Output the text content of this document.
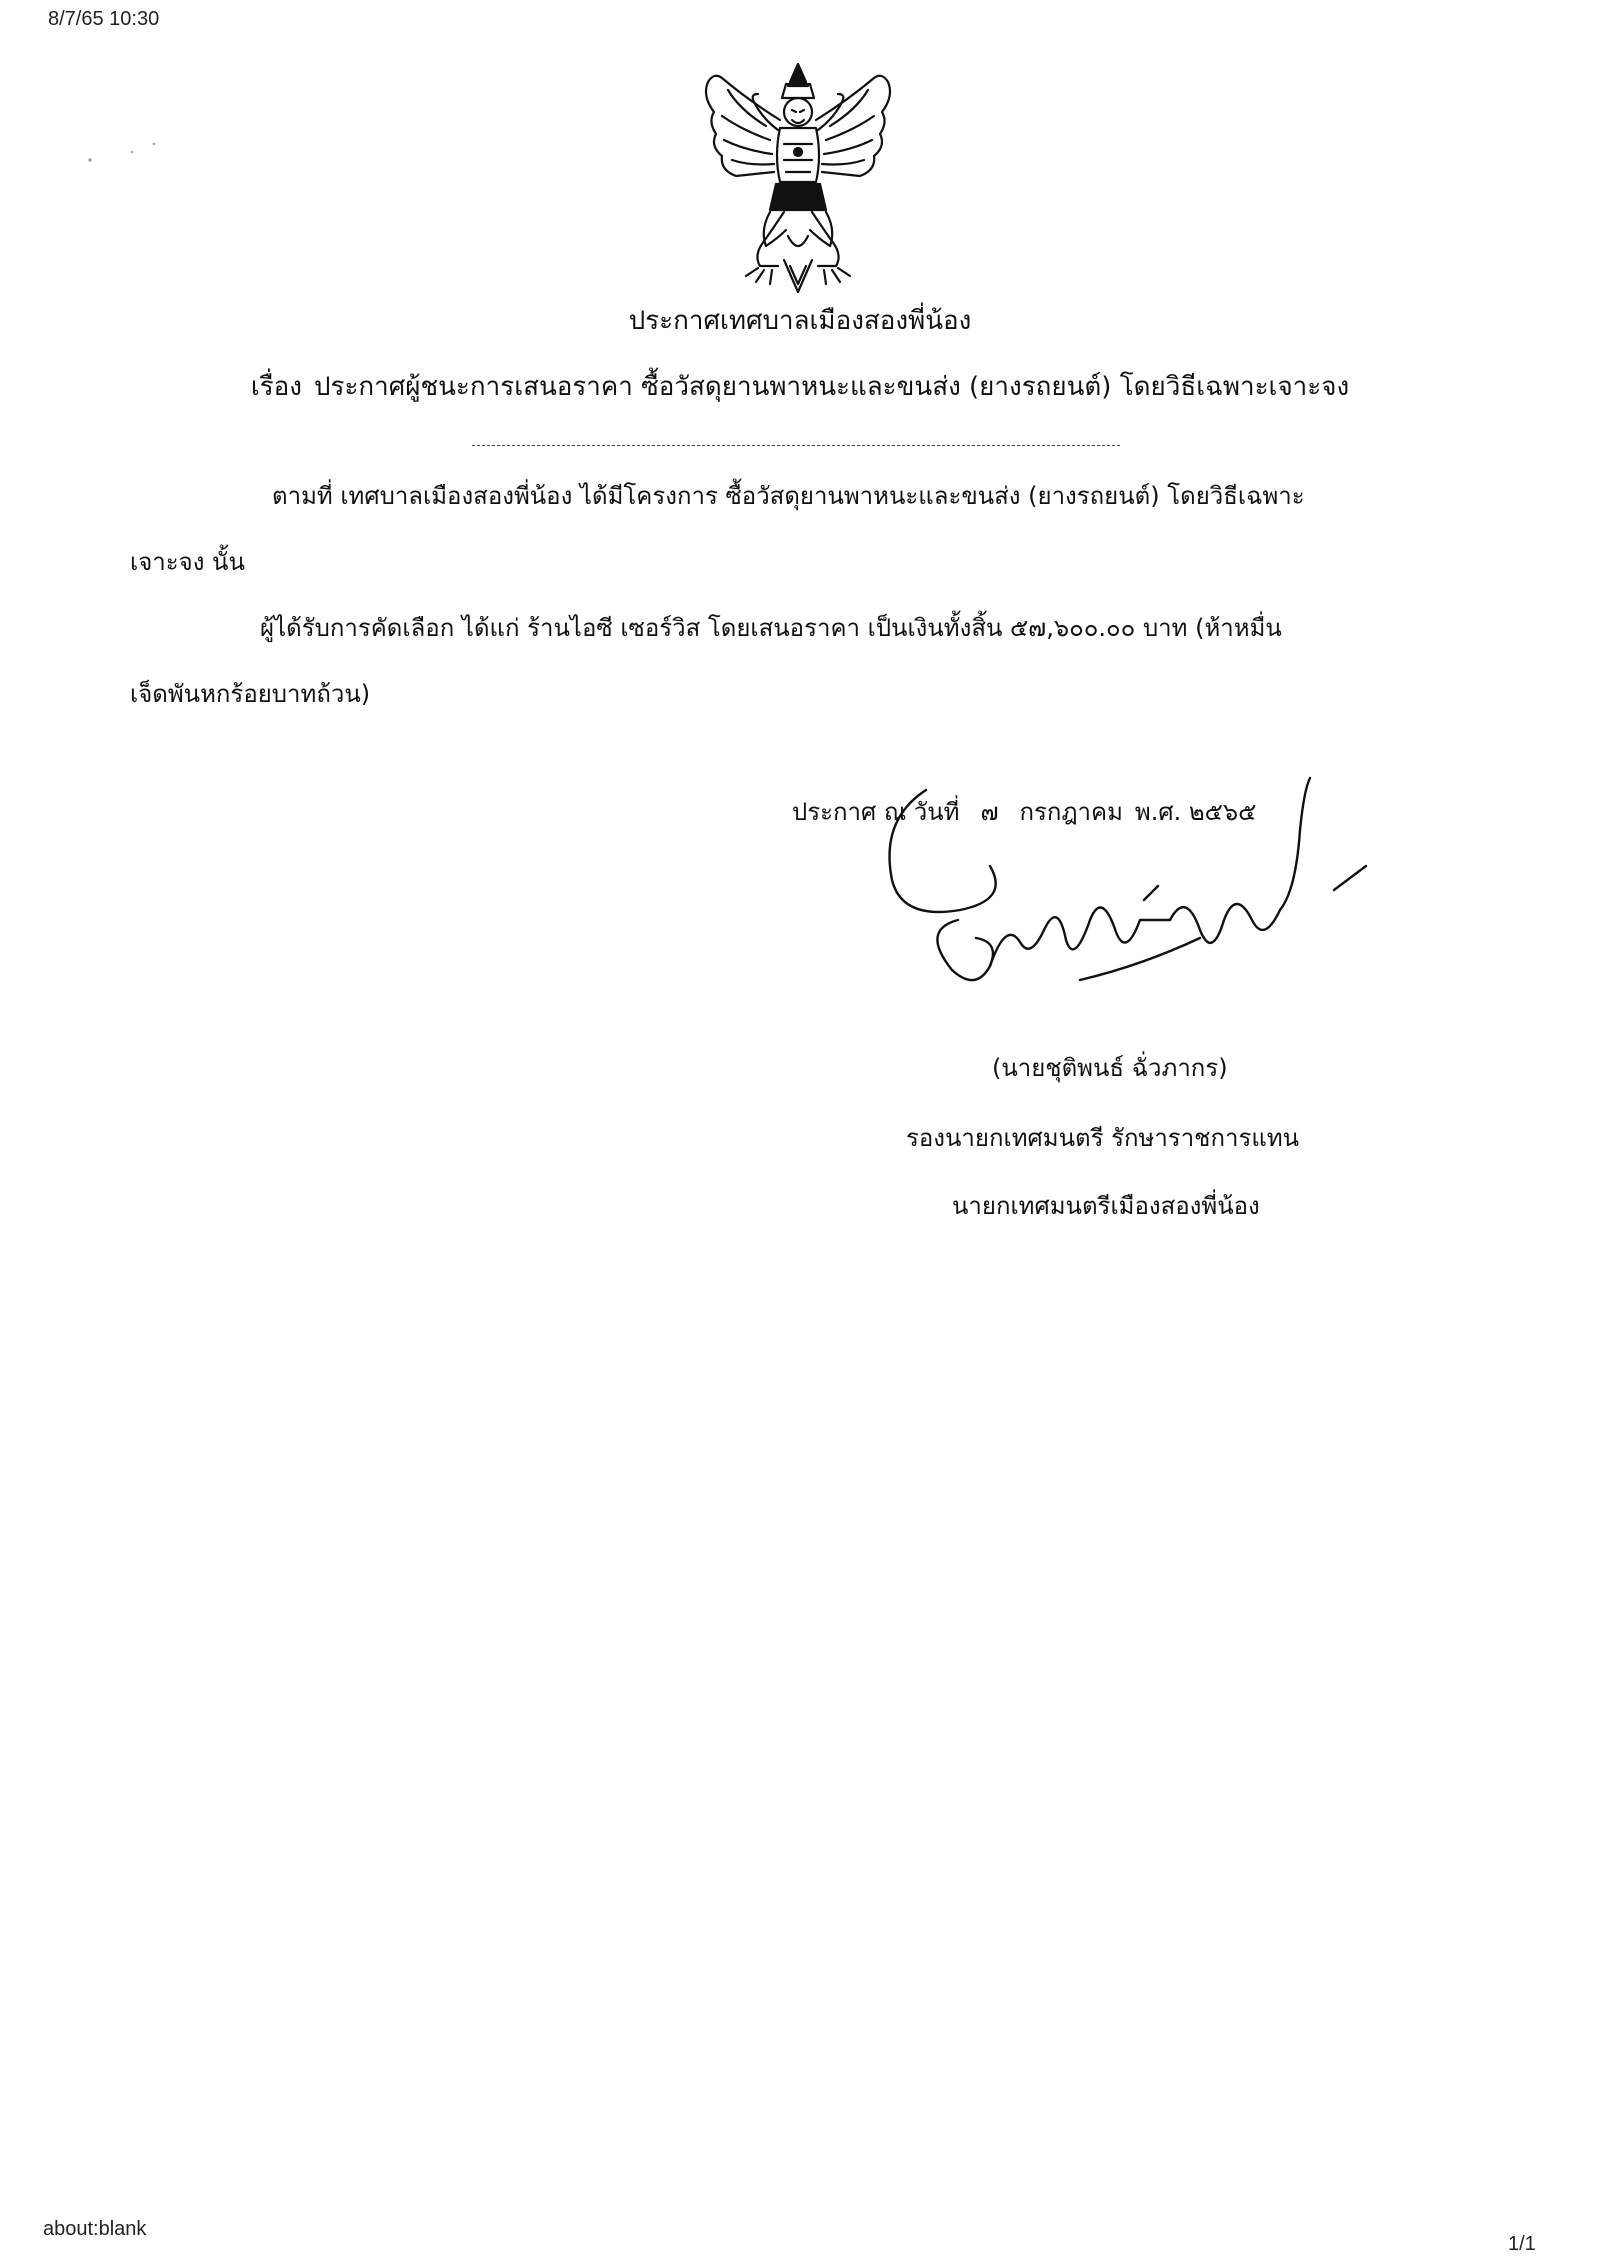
8/7/65 10:30
ประกาศเทศบาลเมืองสองพี่น้อง
เรื่อง ประกาศผู้ชนะการเสนอราคา ซื้อวัสดุยานพาหนะและขนส่ง (ยางรถยนต์) โดยวิธีเฉพาะเจาะจง
ตามที่ เทศบาลเมืองสองพี่น้อง ได้มีโครงการ ซื้อวัสดุยานพาหนะและขนส่ง (ยางรถยนต์) โดยวิธีเฉพาะ
เจาะจง นั้น
ผู้ได้รับการคัดเลือก ได้แก่ ร้านไอซี เซอร์วิส โดยเสนอราคา เป็นเงินทั้งสิ้น ๕๗,๖๐๐.๐๐ บาท (ห้าหมื่น
เจ็ดพันหกร้อยบาทถ้วน)
ประกาศ ณ วันที่ ๗ กรกฎาคม พ.ศ. ๒๕๖๕
(นายชุติพนธ์ ฉั่วภากร)
รองนายกเทศมนตรี รักษาราชการแทน
นายกเทศมนตรีเมืองสองพี่น้อง
about:blank
1/1
